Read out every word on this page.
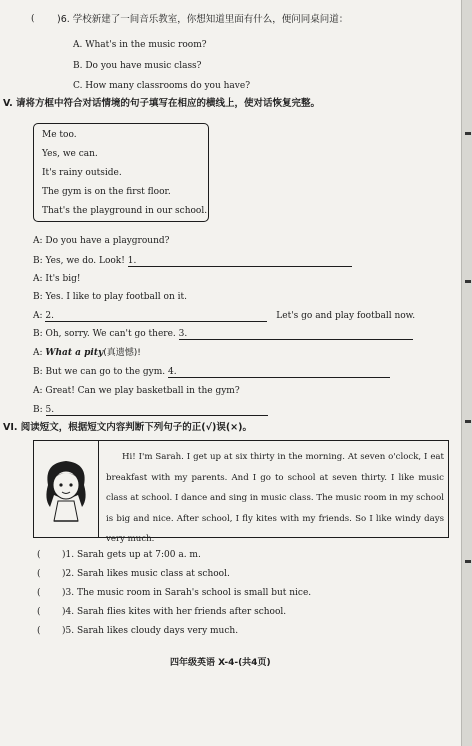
( )6. 学校新建了一间音乐教室，你想知道里面有什么，便问同桌问道：
A. What's in the music room?
B. Do you have music class?
C. How many classrooms do you have?
V. 请将方框中符合对话情境的句子填写在相应的横线上，使对话恢复完整。
Me too.
Yes, we can.
It's rainy outside.
The gym is on the first floor.
That's the playground in our school.
A: Do you have a playground?
B: Yes, we do. Look! 1.
A: It's big!
B: Yes. I like to play football on it.
A: 2.	Let's go and play football now.
B: Oh, sorry. We can't go there. 3.
A: What a pity(真遗憾)!
B: But we can go to the gym. 4.
A: Great! Can we play basketball in the gym?
B: 5.
VI. 阅读短文，根据短文内容判断下列句子的正(√)误(×)。
Hi! I'm Sarah. I get up at six thirty in the morning. At seven o'clock, I eat breakfast with my parents. And I go to school at seven thirty. I like music class at school. I dance and sing in music class. The music room in my school is big and nice. After school, I fly kites with my friends. So I like windy days very much.
( )1. Sarah gets up at 7:00 a. m.
( )2. Sarah likes music class at school.
( )3. The music room in Sarah's school is small but nice.
( )4. Sarah flies kites with her friends after school.
( )5. Sarah likes cloudy days very much.
四年级英语 X-4-(共4页)
